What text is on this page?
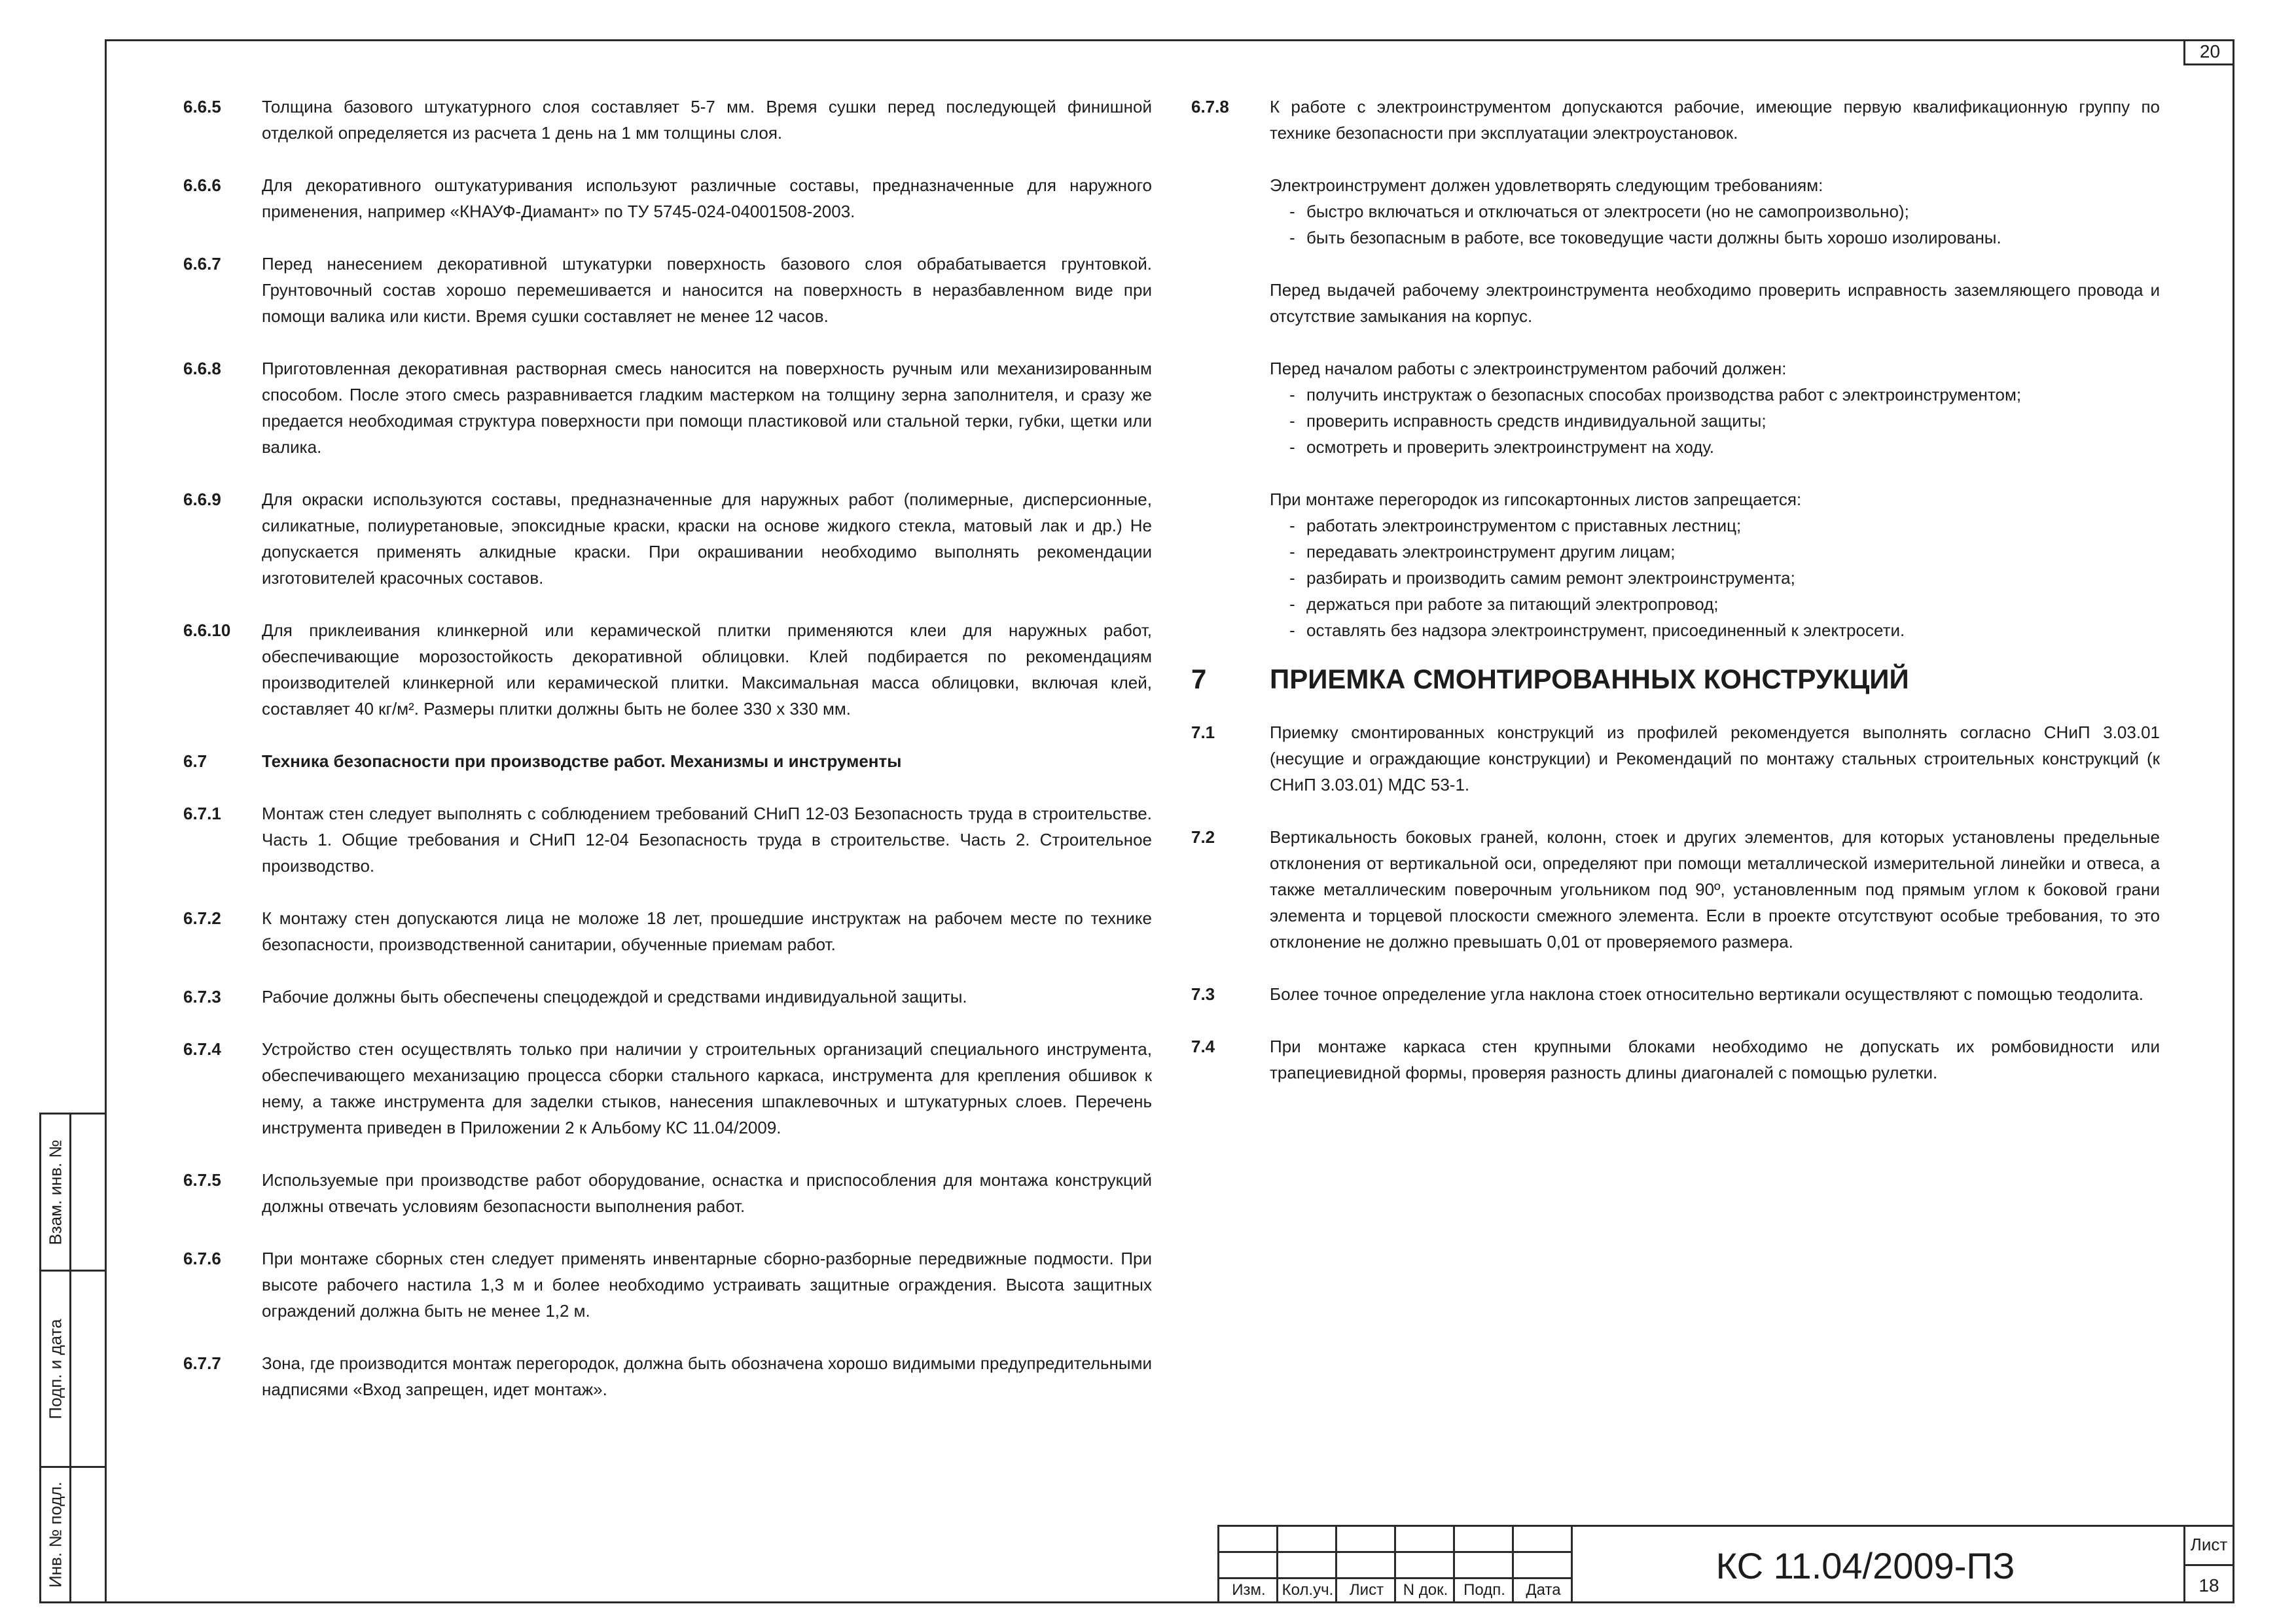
20
Взам. инв. №
Подп. и дата
Инв. № подл.
6.6.5 Толщина базового штукатурного слоя составляет 5-7 мм. Время сушки перед последующей финишной отделкой определяется из расчета 1 день на 1 мм толщины слоя.
6.6.6 Для декоративного оштукатуривания используют различные составы, предназначенные для наружного применения, например «КНАУФ-Диамант» по ТУ 5745-024-04001508-2003.
6.6.7 Перед нанесением декоративной штукатурки поверхность базового слоя обрабатывается грунтовкой. Грунтовочный состав хорошо перемешивается и наносится на поверхность в неразбавленном виде при помощи валика или кисти. Время сушки составляет не менее 12 часов.
6.6.8 Приготовленная декоративная растворная смесь наносится на поверхность ручным или механизированным способом. После этого смесь разравнивается гладким мастерком на толщину зерна заполнителя, и сразу же предается необходимая структура поверхности при помощи пластиковой или стальной терки, губки, щетки или валика.
6.6.9 Для окраски используются составы, предназначенные для наружных работ (полимерные, дисперсионные, силикатные, полиуретановые, эпоксидные краски, краски на основе жидкого стекла, матовый лак и др.) Не допускается применять алкидные краски. При окрашивании необходимо выполнять рекомендации изготовителей красочных составов.
6.6.10 Для приклеивания клинкерной или керамической плитки применяются клеи для наружных работ, обеспечивающие морозостойкость декоративной облицовки. Клей подбирается по рекомендациям производителей клинкерной или керамической плитки. Максимальная масса облицовки, включая клей, составляет 40 кг/м². Размеры плитки должны быть не более 330 х 330 мм.
6.7	Техника безопасности при производстве работ. Механизмы и инструменты
6.7.1 Монтаж стен следует выполнять с соблюдением требований СНиП 12-03 Безопасность труда в строительстве. Часть 1. Общие требования и СНиП 12-04 Безопасность труда в строительстве. Часть 2. Строительное производство.
6.7.2 К монтажу стен допускаются лица не моложе 18 лет, прошедшие инструктаж на рабочем месте по технике безопасности, производственной санитарии, обученные приемам работ.
6.7.3 Рабочие должны быть обеспечены спецодеждой и средствами индивидуальной защиты.
6.7.4 Устройство стен осуществлять только при наличии у строительных организаций специального инструмента, обеспечивающего механизацию процесса сборки стального каркаса, инструмента для крепления обшивок к нему, а также инструмента для заделки стыков, нанесения шпаклевочных и штукатурных слоев. Перечень инструмента приведен в Приложении 2 к Альбому КС 11.04/2009.
6.7.5 Используемые при производстве работ оборудование, оснастка и приспособления для монтажа конструкций должны отвечать условиям безопасности выполнения работ.
6.7.6 При монтаже сборных стен следует применять инвентарные сборно-разборные передвижные подмости. При высоте рабочего настила 1,3 м и более необходимо устраивать защитные ограждения. Высота защитных ограждений должна быть не менее 1,2 м.
6.7.7 Зона, где производится монтаж перегородок, должна быть обозначена хорошо видимыми предупредительными надписями «Вход запрещен, идет монтаж».
6.7.8 К работе с электроинструментом допускаются рабочие, имеющие первую квалификационную группу по технике безопасности при эксплуатации электроустановок.
Электроинструмент должен удовлетворять следующим требованиям:
- быстро включаться и отключаться от электросети (но не самопроизвольно);
- быть безопасным в работе, все токоведущие части должны быть хорошо изолированы.
Перед выдачей рабочему электроинструмента необходимо проверить исправность заземляющего провода и отсутствие замыкания на корпус.
Перед началом работы с электроинструментом рабочий должен:
- получить инструктаж о безопасных способах производства работ с электроинструментом;
- проверить исправность средств индивидуальной защиты;
- осмотреть и проверить электроинструмент на ходу.
При монтаже перегородок из гипсокартонных листов запрещается:
- работать электроинструментом с приставных лестниц;
- передавать электроинструмент другим лицам;
- разбирать и производить самим ремонт электроинструмента;
- держаться при работе за питающий электропровод;
- оставлять без надзора электроинструмент, присоединенный к электросети.
7 ПРИЕМКА СМОНТИРОВАННЫХ КОНСТРУКЦИЙ
7.1	Приемку смонтированных конструкций из профилей рекомендуется выполнять согласно СНиП 3.03.01 (несущие и ограждающие конструкции) и Рекомендаций по монтажу стальных строительных конструкций (к СНиП 3.03.01) МДС 53-1.
7.2	Вертикальность боковых граней, колонн, стоек и других элементов, для которых установлены предельные отклонения от вертикальной оси, определяют при помощи металлической измерительной линейки и отвеса, а также металлическим поверочным угольником под 90º, установленным под прямым углом к боковой грани элемента и торцевой плоскости смежного элемента. Если в проекте отсутствуют особые требования, то это отклонение не должно превышать 0,01 от проверяемого размера.
7.3	Более точное определение угла наклона стоек относительно вертикали осуществляют с помощью теодолита.
7.4	При монтаже каркаса стен крупными блоками необходимо не допускать их ромбовидности или трапециевидной формы, проверяя разность длины диагоналей с помощью рулетки.
Изм.	Кол.уч.	Лист	N док. Подп.	Дата
КС 11.04/2009-ПЗ
Лист
18
